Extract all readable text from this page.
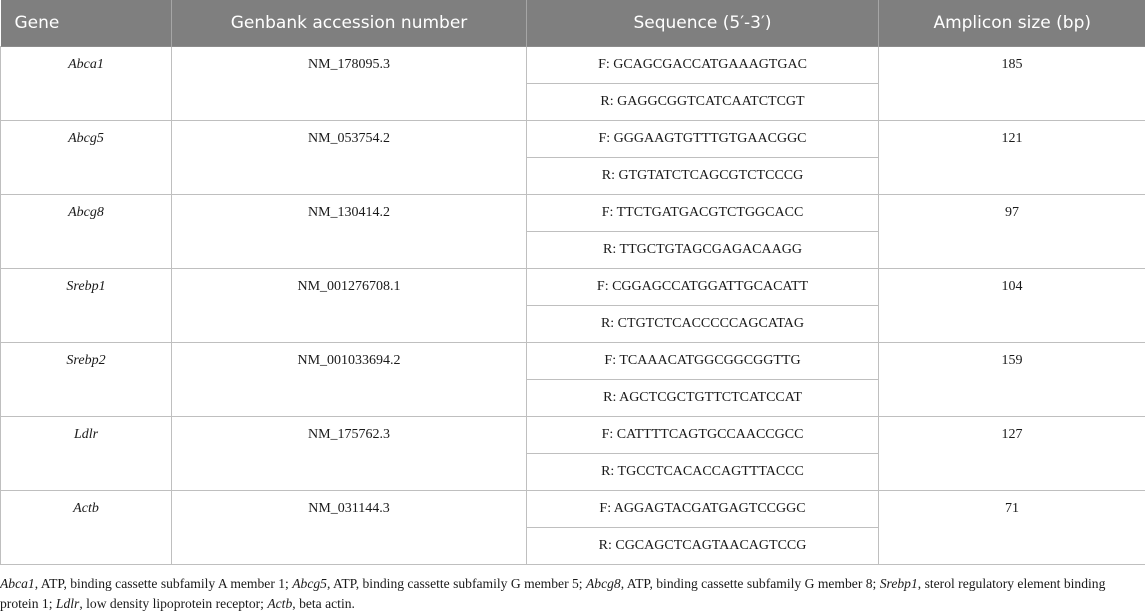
Gene	Genbank accession number	Sequence (5′-3′)	Amplicon size (bp)
Abca1	NM_178095.3	F: GCAGCGACCATGAAAGTGAC	185
		R: GAGGCGGTCATCAATCTCGT	
Abcg5	NM_053754.2	F: GGGAAGTGTTTGTGAACGGC	121
		R: GTGTATCTCAGCGTCTCCCG	
Abcg8	NM_130414.2	F: TTCTGATGACGTCTGGCACC	97
		R: TTGCTGTAGCGAGACAAGG	
Srebp1	NM_001276708.1	F: CGGAGCCATGGATTGCACATT	104
		R: CTGTCTCACCCCCAGCATAG	
Srebp2	NM_001033694.2	F: TCAAACATGGCGGCGGTTG	159
		R: AGCTCGCTGTTCTCATCCAT	
Ldlr	NM_175762.3	F: CATTTTCAGTGCCAACCGCC	127
		R: TGCCTCACACCAGTTTACCC	
Actb	NM_031144.3	F: AGGAGTACGATGAGTCCGGC	71
		R: CGCAGCTCAGTAACAGTCCG	
Abca1, ATP, binding cassette subfamily A member 1; Abcg5, ATP, binding cassette subfamily G member 5; Abcg8, ATP, binding cassette subfamily G member 8; Srebp1, sterol regulatory element binding protein 1; Ldlr, low density lipoprotein receptor; Actb, beta actin.
